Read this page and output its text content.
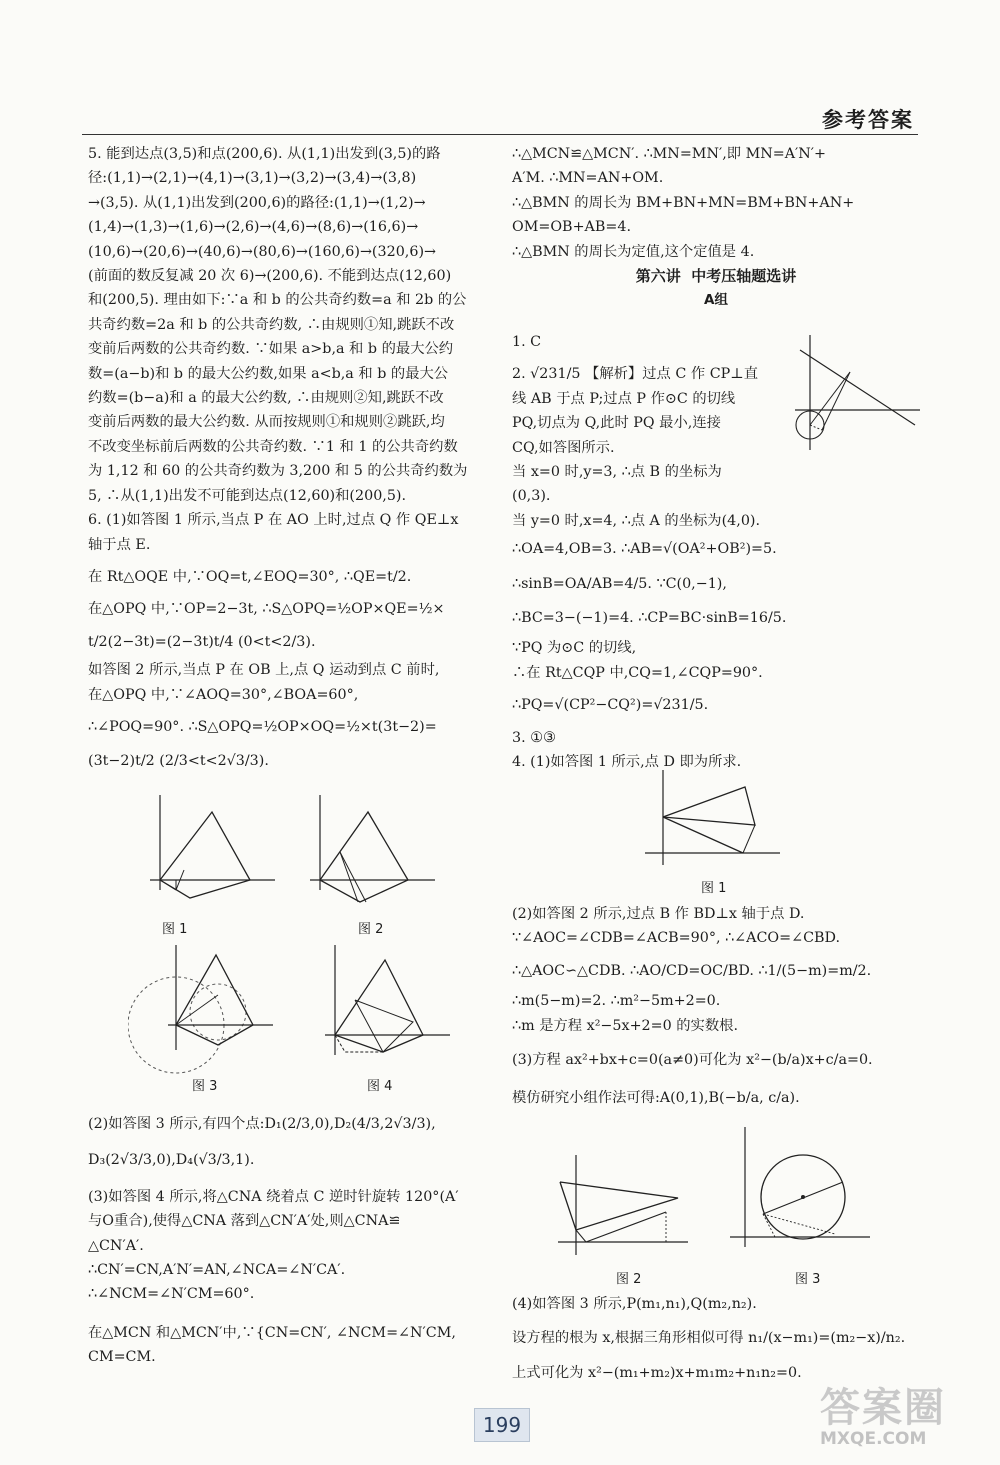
参考答案

5. 能到达点(3,5)和点(200,6). 从(1,1)出发到(3,5)的路

径:(1,1)→(2,1)→(4,1)→(3,1)→(3,2)→(3,4)→(3,8)

→(3,5). 从(1,1)出发到(200,6)的路径:(1,1)→(1,2)→

(1,4)→(1,3)→(1,6)→(2,6)→(4,6)→(8,6)→(16,6)→

(10,6)→(20,6)→(40,6)→(80,6)→(160,6)→(320,6)→

(前面的数反复减 20 次 6)→(200,6). 不能到达点(12,60)

和(200,5). 理由如下:∵a 和 b 的公共奇约数=a 和 2b 的公

共奇约数=2a 和 b 的公共奇约数, ∴由规则①知,跳跃不改

变前后两数的公共奇约数. ∵如果 a>b,a 和 b 的最大公约

数=(a−b)和 b 的最大公约数,如果 a<b,a 和 b 的最大公

约数=(b−a)和 a 的最大公约数, ∴由规则②知,跳跃不改

变前后两数的最大公约数. 从而按规则①和规则②跳跃,均

不改变坐标前后两数的公共奇约数. ∵1 和 1 的公共奇约数

为 1,12 和 60 的公共奇约数为 3,200 和 5 的公共奇约数为

5, ∴从(1,1)出发不可能到达点(12,60)和(200,5).

6. (1)如答图 1 所示,当点 P 在 AO 上时,过点 Q 作 QE⊥x

轴于点 E.

在 Rt△OQE 中,∵OQ=t,∠EOQ=30°, ∴QE=t/2.

在△OPQ 中,∵OP=2−3t, ∴S△OPQ=½OP×QE=½×

t/2(2−3t)=(2−3t)t/4 (0<t<2/3).

如答图 2 所示,当点 P 在 OB 上,点 Q 运动到点 C 前时,

在△OPQ 中,∵∠AOQ=30°,∠BOA=60°,

∴∠POQ=90°. ∴S△OPQ=½OP×OQ=½×t(3t−2)=

(3t−2)t/2 (2/3<t<2√3/3).

图 1	图 2
图 3	图 4

(2)如答图 3 所示,有四个点:D₁(2/3,0),D₂(4/3,2√3/3),

D₃(2√3/3,0),D₄(√3/3,1).

(3)如答图 4 所示,将△CNA 绕着点 C 逆时针旋转 120°(A′

与O重合),使得△CNA 落到△CN′A′处,则△CNA≌

△CN′A′.

∴CN′=CN,A′N′=AN,∠NCA=∠N′CA′.

∴∠NCM=∠N′CM=60°.

在△MCN 和△MCN′中,∵{CN=CN′, ∠NCM=∠N′CM, CM=CM.

∴△MCN≌△MCN′. ∴MN=MN′,即 MN=A′N′+

A′M. ∴MN=AN+OM.

∴△BMN 的周长为 BM+BN+MN=BM+BN+AN+

OM=OB+AB=4.

∴△BMN 的周长为定值,这个定值是 4.

第六讲  中考压轴题选讲

A组

1. C

2. √231/5 【解析】过点 C 作 CP⊥直

线 AB 于点 P;过点 P 作⊙C 的切线

PQ,切点为 Q,此时 PQ 最小,连接

CQ,如答图所示.

当 x=0 时,y=3, ∴点 B 的坐标为

(0,3).

当 y=0 时,x=4, ∴点 A 的坐标为(4,0).

∴OA=4,OB=3. ∴AB=√(OA²+OB²)=5.

∴sinB=OA/AB=4/5. ∵C(0,−1),

∴BC=3−(−1)=4. ∴CP=BC·sinB=16/5.

∵PQ 为⊙C 的切线,

∴在 Rt△CQP 中,CQ=1,∠CQP=90°.

∴PQ=√(CP²−CQ²)=√231/5.

3. ①③

4. (1)如答图 1 所示,点 D 即为所求.

图 1

(2)如答图 2 所示,过点 B 作 BD⊥x 轴于点 D.

∵∠AOC=∠CDB=∠ACB=90°, ∴∠ACO=∠CBD.

∴△AOC∽△CDB. ∴AO/CD=OC/BD. ∴1/(5−m)=m/2.

∴m(5−m)=2. ∴m²−5m+2=0.

∴m 是方程 x²−5x+2=0 的实数根.

(3)方程 ax²+bx+c=0(a≠0)可化为 x²−(b/a)x+c/a=0.

模仿研究小组作法可得:A(0,1),B(−b/a, c/a).

图 2	图 3

(4)如答图 3 所示,P(m₁,n₁),Q(m₂,n₂).

设方程的根为 x,根据三角形相似可得 n₁/(x−m₁)=(m₂−x)/n₂.

上式可化为 x²−(m₁+m₂)x+m₁m₂+n₁n₂=0.

199	答案圈
MXQE.COM
